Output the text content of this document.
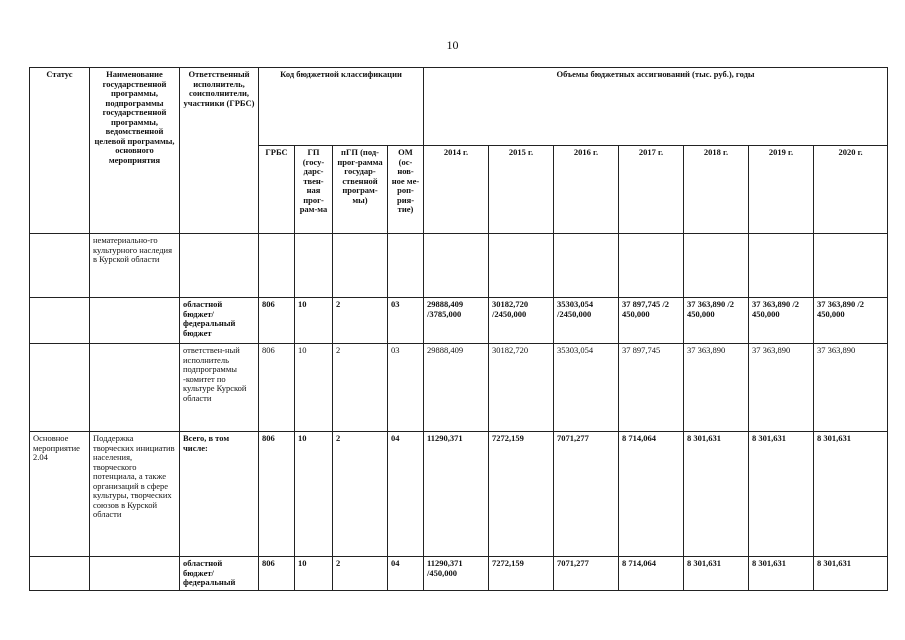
10
Статус	Наименование государственной программы, подпрограммы государственной программы, ведомственной целевой программы, основного мероприятия	Ответственный исполнитель, соисполнители, участники (ГРБС)	Код бюджетной классификации				Объемы бюджетных ассигнований (тыс. руб.), годы						
			ГРБС	ГП (госу-дарс-твен-ная прог-рам-ма	пГП (под-прог-рамма государ-ственной програм-мы)	ОМ (ос-нов-ное ме-роп-рия-тие)	2014 г.	2015 г.	2016 г.	2017 г.	2018 г.	2019 г.	2020 г.
	нематериально-го культурного наследия в Курской области												
		областной бюджет/ федеральный бюджет	806	10	2	03	29888,409 /3785,000	30182,720 /2450,000	35303,054 /2450,000	37 897,745 /2 450,000	37 363,890 /2 450,000	37 363,890 /2 450,000	37 363,890 /2 450,000
		ответствен-ный исполнитель подпрограммы -комитет по культуре Курской области	806	10	2	03	29888,409	30182,720	35303,054	37 897,745	37 363,890	37 363,890	37 363,890
Основное мероприятие 2.04	Поддержка творческих инициатив населения, творческого потенциала, а также организаций в сфере культуры, творческих союзов в Курской области	Всего, в том числе:	806	10	2	04	11290,371	7272,159	7071,277	8 714,064	8 301,631	8 301,631	8 301,631
		областной бюджет/ федеральный	806	10	2	04	11290,371 /450,000	7272,159	7071,277	8 714,064	8 301,631	8 301,631	8 301,631
